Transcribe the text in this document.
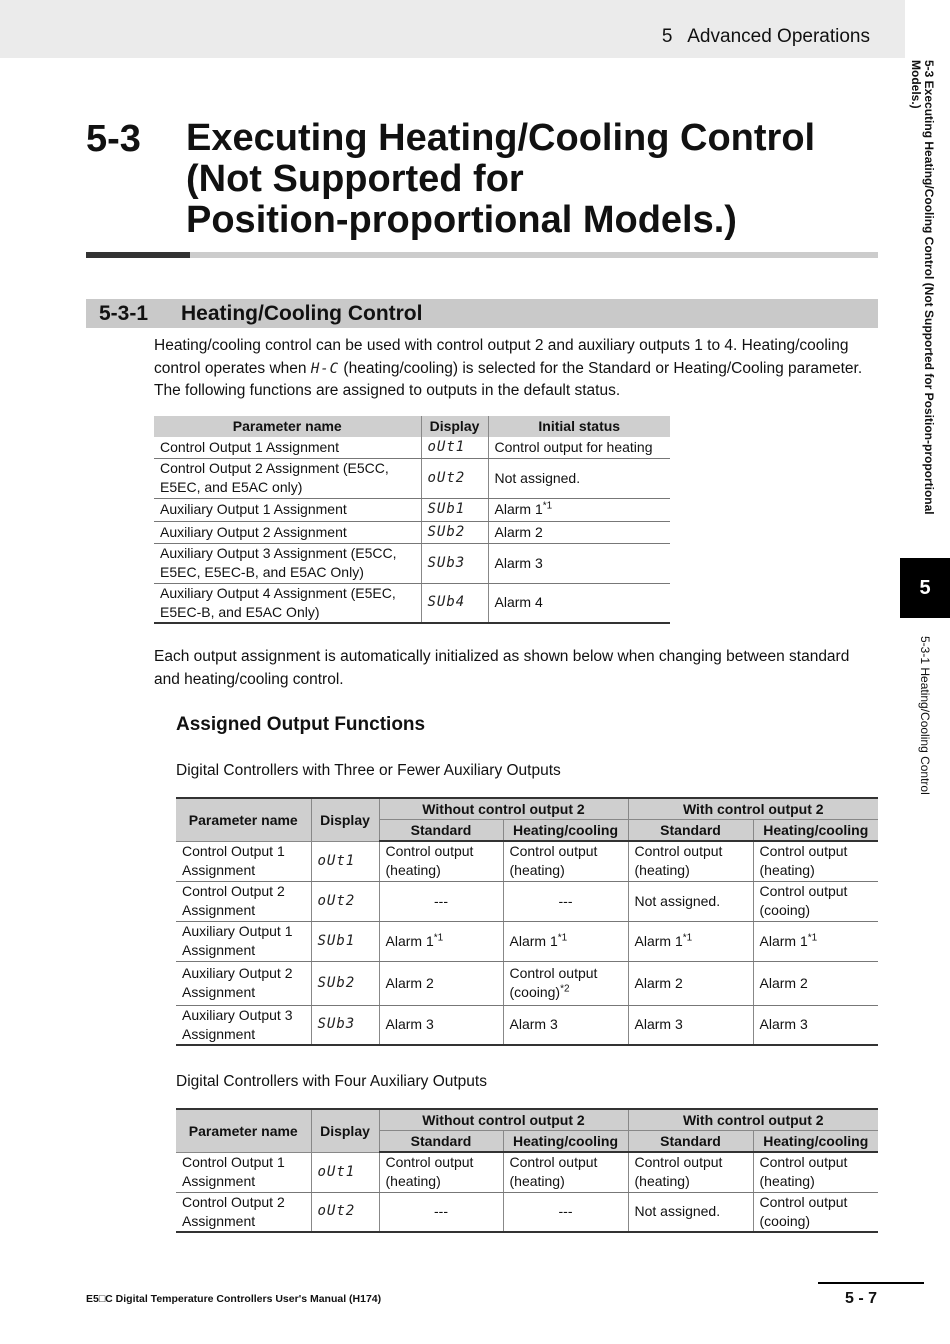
5   Advanced Operations
5-3 Executing Heating/Cooling Control (Not Supported for Position-proportional Models.)
5
5-3-1 Heating/Cooling Control
5-3 Executing Heating/Cooling Control
(Not Supported for
Position-proportional Models.)
5-3-1 Heating/Cooling Control
Heating/cooling control can be used with control output 2 and auxiliary outputs 1 to 4. Heating/cooling
control operates when H-C (heating/cooling) is selected for the Standard or Heating/Cooling parameter.
The following functions are assigned to outputs in the default status.
Parameter name	Display	Initial status
Control Output 1 Assignment	oUt1	Control output for heating
Control Output 2 Assignment (E5CC, E5EC, and E5AC only)	oUt2	Not assigned.
Auxiliary Output 1 Assignment	SUb1	Alarm 1$^{*1}$
Auxiliary Output 2 Assignment	SUb2	Alarm 2
Auxiliary Output 3 Assignment (E5CC, E5EC, E5EC-B, and E5AC Only)	SUb3	Alarm 3
Auxiliary Output 4 Assignment (E5EC, E5EC-B, and E5AC Only)	SUb4	Alarm 4
Each output assignment is automatically initialized as shown below when changing between standard
and heating/cooling control.
Assigned Output Functions
Digital Controllers with Three or Fewer Auxiliary Outputs
Parameter name	Display	Without control output 2		With control output 2	
		Standard	Heating/cooling	Standard	Heating/cooling
Control Output 1 Assignment	oUt1	Control output (heating)	Control output (heating)	Control output (heating)	Control output (heating)
Control Output 2 Assignment	oUt2	---	---	Not assigned.	Control output (cooing)
Auxiliary Output 1 Assignment	SUb1	Alarm 1$^{*1}$	Alarm 1$^{*1}$	Alarm 1$^{*1}$	Alarm 1$^{*1}$
Auxiliary Output 2 Assignment	SUb2	Alarm 2	Control output (cooing)$^{*2}$	Alarm 2	Alarm 2
Auxiliary Output 3 Assignment	SUb3	Alarm 3	Alarm 3	Alarm 3	Alarm 3
Digital Controllers with Four Auxiliary Outputs
Parameter name	Display	Without control output 2		With control output 2	
		Standard	Heating/cooling	Standard	Heating/cooling
Control Output 1 Assignment	oUt1	Control output (heating)	Control output (heating)	Control output (heating)	Control output (heating)
Control Output 2 Assignment	oUt2	---	---	Not assigned.	Control output (cooing)
E5□C Digital Temperature Controllers User's Manual (H174)	5 - 7
